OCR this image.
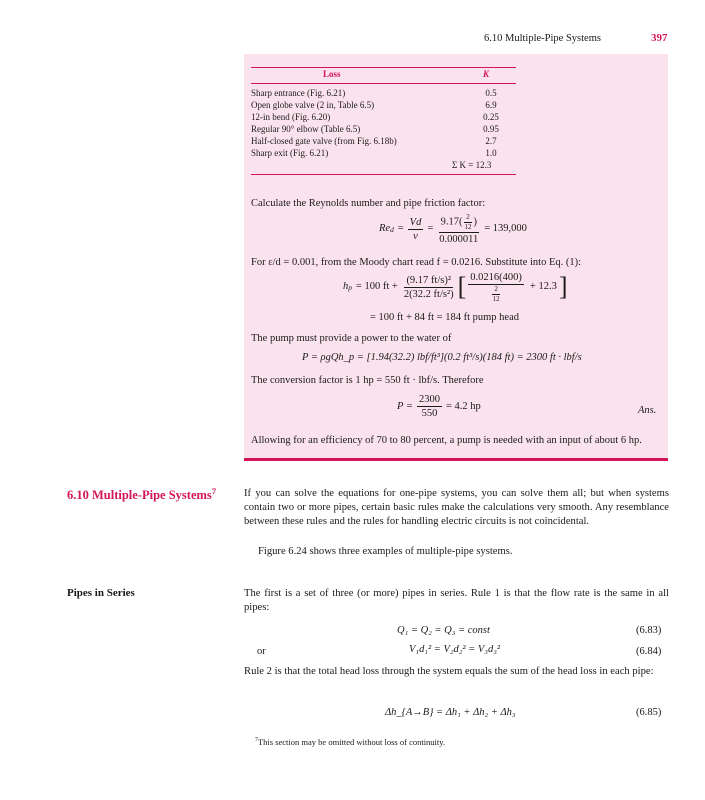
6.10 Multiple-Pipe Systems	397
Loss	K
Sharp entrance (Fig. 6.21)	0.5
Open globe valve (2 in, Table 6.5)	6.9
12-in bend (Fig. 6.20)	0.25
Regular 90° elbow (Table 6.5)	0.95
Half-closed gate valve (from Fig. 6.18b)	2.7
Sharp exit (Fig. 6.21)	1.0
Σ K = 12.3
Calculate the Reynolds number and pipe friction factor:
Re $d = \frac{Vd}{\nu} = \frac{9.17( \frac{2}{12} )}{0.000011} = 139,000$
For ε/d = 0.001, from the Moody chart read f = 0.0216. Substitute into Eq. (1):
h p = 100 ft + $\frac{\text{(9.17 ft/s)²}}{\text{2(32.2 ft/s²)}}$ [ $\frac{0.0216(400)}{\frac{2}{12}} + 12.3$ ]
= 100 ft + 84 ft = 184 ft pump head
The pump must provide a power to the water of
P = ρgQh_p = [1.94(32.2) lbf/ft³](0.2 ft³/s)(184 ft) = 2300 ft · lbf/s
The conversion factor is 1 hp = 550 ft · lbf/s. Therefore
$P = \frac{2300}{550} = 4.2$ hp	Ans.
Allowing for an efficiency of 70 to 80 percent, a pump is needed with an input of about 6 hp.
6.10 Multiple-Pipe Systems$^7$	If you can solve the equations for one-pipe systems, you can solve them all; but when systems contain two or more pipes, certain basic rules make the calculations very smooth. Any resemblance between these rules and the rules for handling electric circuits is not coincidental.
Figure 6.24 shows three examples of multiple-pipe systems.
Pipes in Series	The first is a set of three (or more) pipes in series. Rule 1 is that the flow rate is the same in all pipes:
Q₁ = Q₂ = Q₃ = const	(6.83)
or	V₁d₁² = V₂d₂² = V₃d₃²	(6.84)
Rule 2 is that the total head loss through the system equals the sum of the head loss in each pipe:
Δh_{A→B} = Δh₁ + Δh₂ + Δh₃	(6.85)
$^7$This section may be omitted without loss of continuity.
